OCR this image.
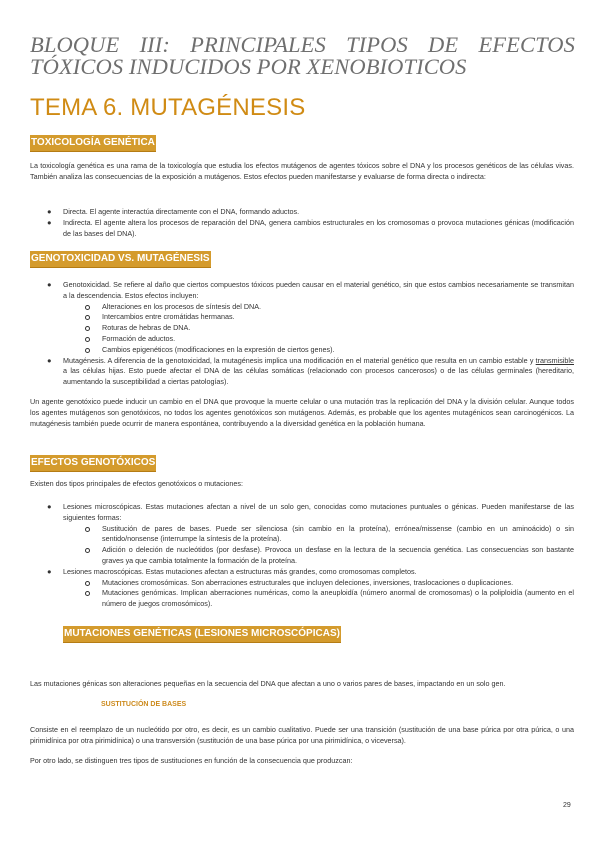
BLOQUE III: PRINCIPALES TIPOS DE EFECTOS TÓXICOS INDUCIDOS POR XENOBIOTICOS
TEMA 6. MUTAGÉNESIS
TOXICOLOGÍA GENÉTICA
La toxicología genética es una rama de la toxicología que estudia los efectos mutágenos de agentes tóxicos sobre el DNA y los procesos genéticos de las células vivas. También analiza las consecuencias de la exposición a mutágenos. Estos efectos pueden manifestarse y evaluarse de forma directa o indirecta:
● Directa. El agente interactúa directamente con el DNA, formando aductos.
● Indirecta. El agente altera los procesos de reparación del DNA, genera cambios estructurales en los cromosomas o provoca mutaciones génicas (modificación de las bases del DNA).
GENOTOXICIDAD VS. MUTAGÉNESIS
● Genotoxicidad. Se refiere al daño que ciertos compuestos tóxicos pueden causar en el material genético, sin que estos cambios necesariamente se transmitan a la descendencia. Estos efectos incluyen:
Alteraciones en los procesos de síntesis del DNA.
Intercambios entre cromátidas hermanas.
Roturas de hebras de DNA.
Formación de aductos.
Cambios epigenéticos (modificaciones en la expresión de ciertos genes).
● Mutagénesis. A diferencia de la genotoxicidad, la mutagénesis implica una modificación en el material genético que resulta en un cambio estable y transmisible a las células hijas. Esto puede afectar el DNA de las células somáticas (relacionado con procesos cancerosos) o de las células germinales (hereditario, aumentando la susceptibilidad a ciertas patologías).
Un agente genotóxico puede inducir un cambio en el DNA que provoque la muerte celular o una mutación tras la replicación del DNA y la división celular. Aunque todos los agentes mutágenos son genotóxicos, no todos los agentes genotóxicos son mutágenos. Además, es probable que los agentes mutagénicos sean carcinogénicos. La mutagénesis también puede ocurrir de manera espontánea, contribuyendo a la diversidad genética en la población humana.
EFECTOS GENOTÓXICOS
Existen dos tipos principales de efectos genotóxicos o mutaciones:
● Lesiones microscópicas. Estas mutaciones afectan a nivel de un solo gen, conocidas como mutaciones puntuales o génicas. Pueden manifestarse de las siguientes formas:
Sustitución de pares de bases. Puede ser silenciosa (sin cambio en la proteína), errónea/missense (cambio en un aminoácido) o sin sentido/nonsense (interrumpe la síntesis de la proteína).
Adición o deleción de nucleótidos (por desfase). Provoca un desfase en la lectura de la secuencia genética. Las consecuencias son bastante graves ya que cambia totalmente la formación de la proteína.
● Lesiones macroscópicas. Estas mutaciones afectan a estructuras más grandes, como cromosomas completos.
Mutaciones cromosómicas. Son aberraciones estructurales que incluyen deleciones, inversiones, traslocaciones o duplicaciones.
Mutaciones genómicas. Implican aberraciones numéricas, como la aneuploidía (número anormal de cromosomas) o la poliploidía (aumento en el número de juegos cromosómicos).
MUTACIONES GENÉTICAS (LESIONES MICROSCÓPICAS)
Las mutaciones génicas son alteraciones pequeñas en la secuencia del DNA que afectan a uno o varios pares de bases, impactando en un solo gen.
SUSTITUCIÓN DE BASES
Consiste en el reemplazo de un nucleótido por otro, es decir, es un cambio cualitativo. Puede ser una transición (sustitución de una base púrica por otra púrica, o una pirimidínica por otra pirimidínica) o una transversión (sustitución de una base púrica por una pirimidínica, o viceversa).
Por otro lado, se distinguen tres tipos de sustituciones en función de la consecuencia que produzcan:
29
